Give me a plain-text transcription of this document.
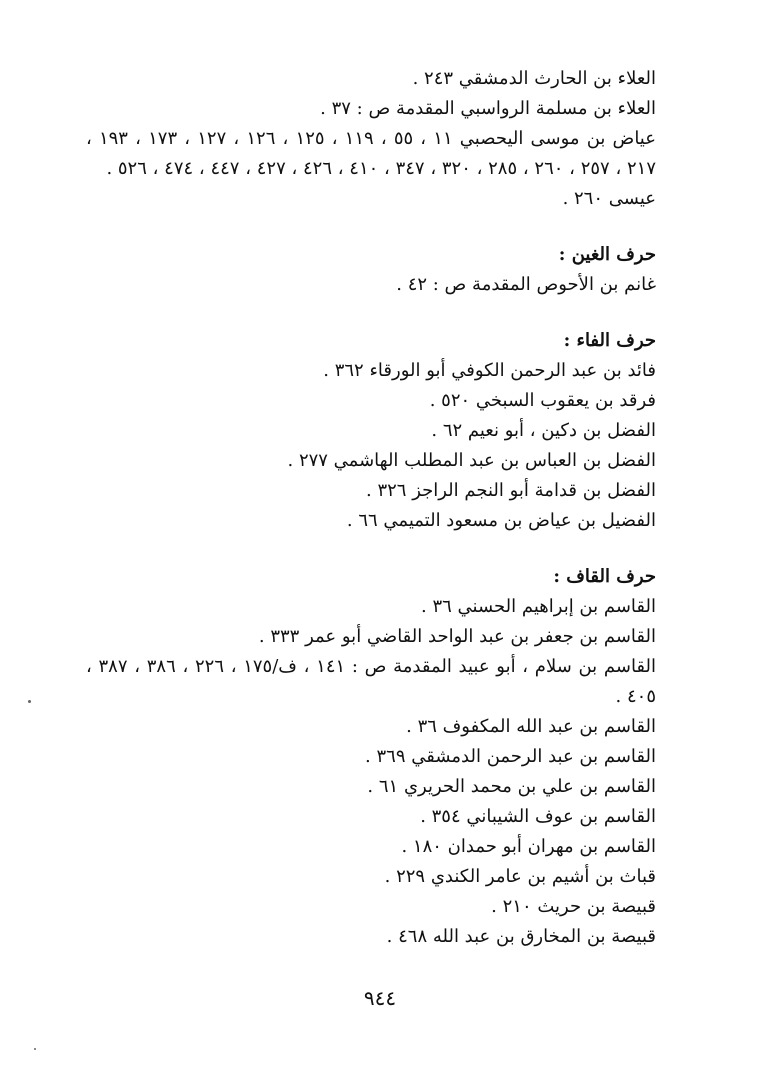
العلاء بن الحارث الدمشقي ٢٤٣ .
العلاء بن مسلمة الرواسبي المقدمة ص : ٣٧ .
عياض بن موسى اليحصبي ١١ ، ٥٥ ، ١١٩ ، ١٢٥ ، ١٢٦ ، ١٢٧ ، ١٧٣ ، ١٩٣ ، ٢١٧ ، ٢٥٧ ، ٢٦٠ ، ٢٨٥ ، ٣٢٠ ، ٣٤٧ ، ٤١٠ ، ٤٢٦ ، ٤٢٧ ، ٤٤٧ ، ٤٧٤ ، ٥٢٦ .
عيسى ٢٦٠ .
حرف الغين :
غانم بن الأحوص المقدمة ص : ٤٢ .
حرف الفاء :
فائد بن عبد الرحمن الكوفي أبو الورقاء ٣٦٢ .
فرقد بن يعقوب السبخي ٥٢٠ .
الفضل بن دكين ، أبو نعيم ٦٢ .
الفضل بن العباس بن عبد المطلب الهاشمي ٢٧٧ .
الفضل بن قدامة أبو النجم الراجز ٣٢٦ .
الفضيل بن عياض بن مسعود التميمي ٦٦ .
حرف القاف :
القاسم بن إبراهيم الحسني ٣٦ .
القاسم بن جعفر بن عبد الواحد القاضي أبو عمر ٣٣٣ .
القاسم بن سلام ، أبو عبيد المقدمة ص : ١٤١ ، ف/١٧٥ ، ٢٢٦ ، ٣٨٦ ، ٣٨٧ ، ٤٠٥ .
القاسم بن عبد الله المكفوف ٣٦ .
القاسم بن عبد الرحمن الدمشقي ٣٦٩ .
القاسم بن علي بن محمد الحريري ٦١ .
القاسم بن عوف الشيباني ٣٥٤ .
القاسم بن مهران أبو حمدان ١٨٠ .
قباث بن أشيم بن عامر الكندي ٢٢٩ .
قبيصة بن حريث ٢١٠ .
قبيصة بن المخارق بن عبد الله ٤٦٨ .
٩٤٤
